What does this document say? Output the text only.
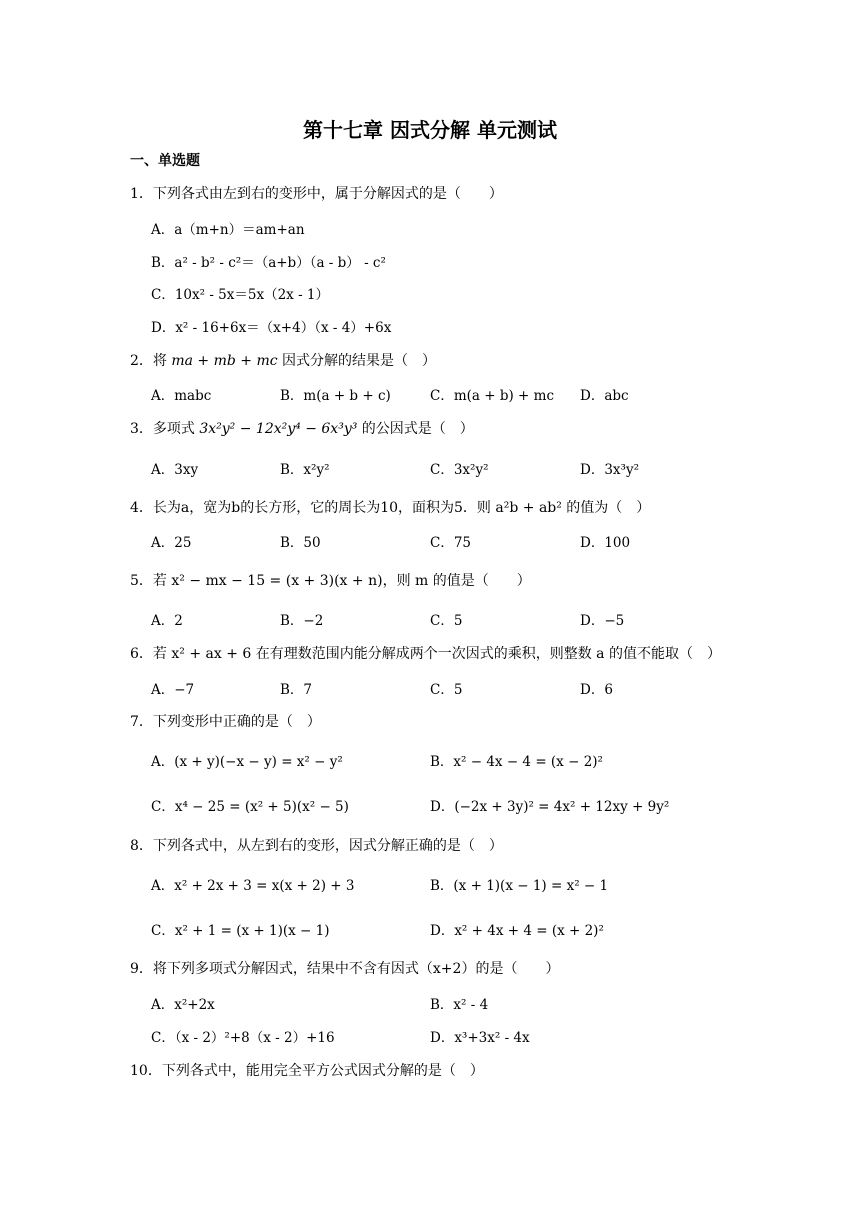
第十七章 因式分解 单元测试
一、单选题
1．下列各式由左到右的变形中，属于分解因式的是（　　）
A．a（m+n）＝am+an
B．a² - b² - c²＝（a+b）（a - b） - c²
C．10x² - 5x＝5x（2x - 1）
D．x² - 16+6x＝（x+4）（x - 4）+6x
2．将 ma + mb + mc 因式分解的结果是（　）
A．mabc	B．m(a + b + c)	C．m(a + b) + mc D．abc
3．多项式 3x²y² − 12x²y⁴ − 6x³y³ 的公因式是（　）
A．3xy	B．x²y²	C．3x²y²	D．3x³y²
4．长为a，宽为b的长方形，它的周长为10，面积为5．则 a²b + ab² 的值为（　）
A．25	B．50	C．75	D．100
5．若 x² − mx − 15 = (x + 3)(x + n)，则 m 的值是（　　）
A．2	B．−2	C．5	D．−5
6．若 x² + ax + 6 在有理数范围内能分解成两个一次因式的乘积，则整数 a 的值不能取（　）
A．−7	B．7	C．5	D．6
7．下列变形中正确的是（　）
A．(x + y)(−x − y) = x² − y²	B．x² − 4x − 4 = (x − 2)²
C．x⁴ − 25 = (x² + 5)(x² − 5)	D．(−2x + 3y)² = 4x² + 12xy + 9y²
8．下列各式中，从左到右的变形，因式分解正确的是（　）
A．x² + 2x + 3 = x(x + 2) + 3	B．(x + 1)(x − 1) = x² − 1
C．x² + 1 = (x + 1)(x − 1)	D．x² + 4x + 4 = (x + 2)²
9．将下列多项式分解因式，结果中不含有因式（x+2）的是（　　）
A．x²+2x	B．x² - 4
C．（x - 2）²+8（x - 2）+16	D．x³+3x² - 4x
10．下列各式中，能用完全平方公式因式分解的是（　）
